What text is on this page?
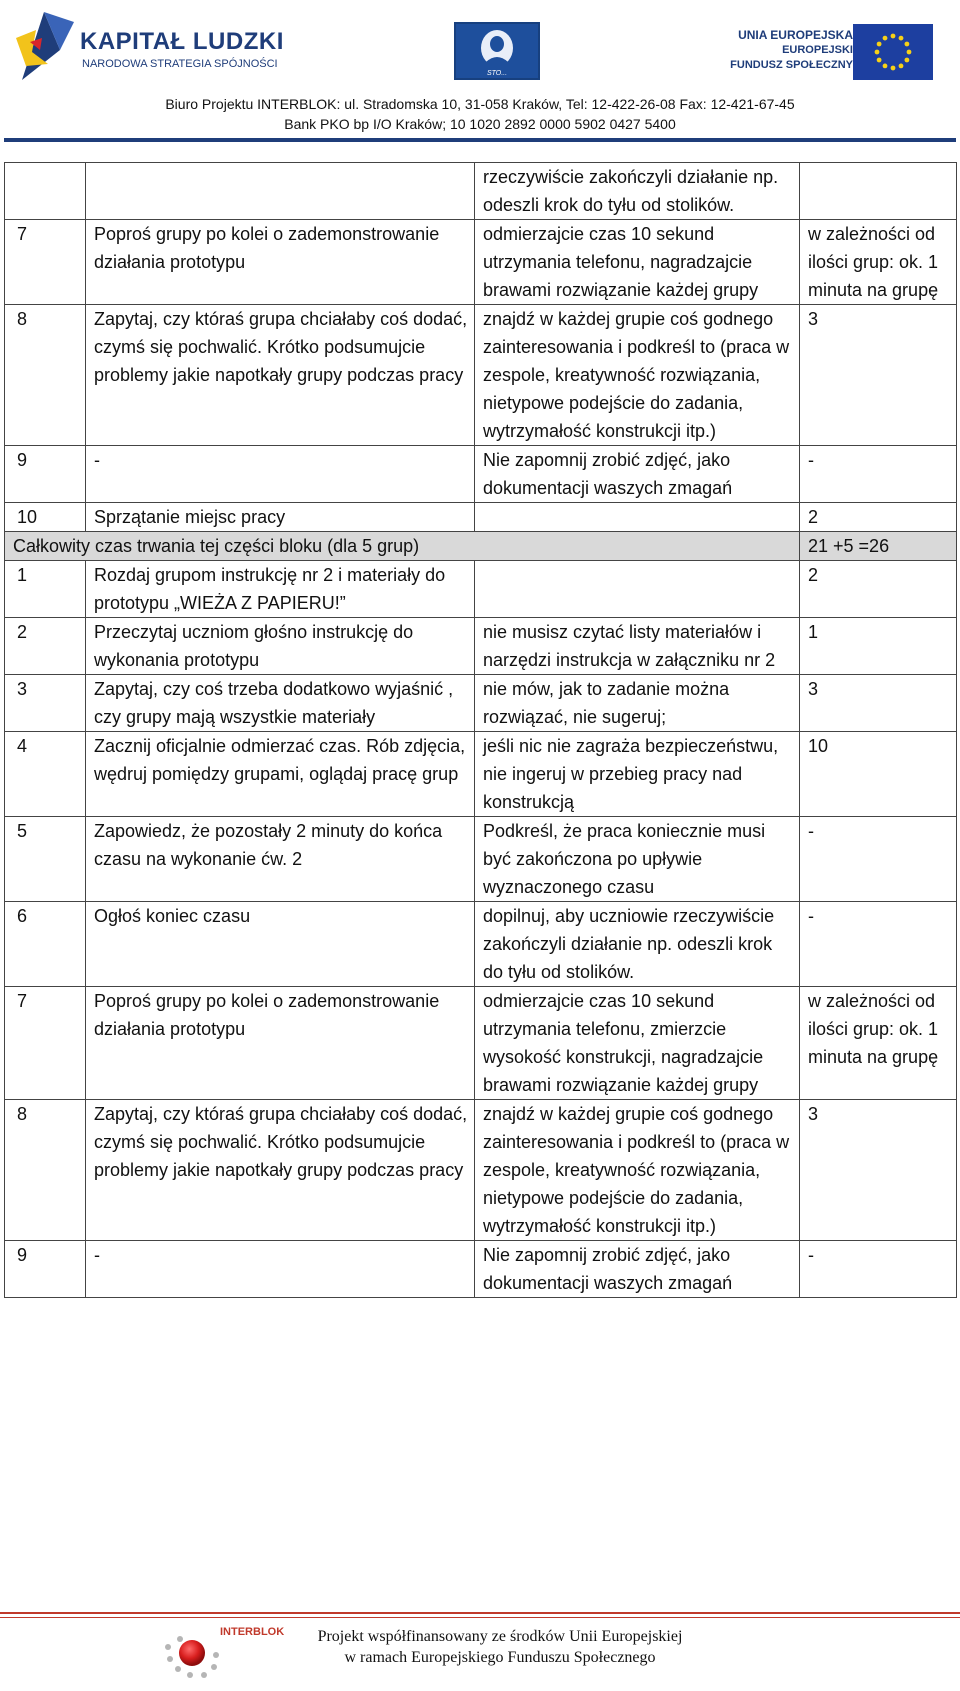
KAPITAŁ LUDZKI
NARODOWA STRATEGIA SPÓJNOŚCI
STO...
UNIA EUROPEJSKA
EUROPEJSKI
FUNDUSZ SPOŁECZNY
Biuro Projektu INTERBLOK: ul. Stradomska 10, 31-058 Kraków, Tel: 12-422-26-08 Fax: 12-421-67-45
Bank PKO bp I/O Kraków; 10 1020 2892 0000 5902 0427 5400
		rzeczywiście zakończyli działanie np. odeszli krok do tyłu od stolików.	
7	Poproś grupy po kolei o zademonstrowanie działania prototypu	odmierzajcie czas 10 sekund utrzymania telefonu, nagradzajcie brawami rozwiązanie każdej grupy	w zależności od ilości grup: ok. 1 minuta na grupę
8	Zapytaj, czy któraś grupa chciałaby coś dodać, czymś się pochwalić. Krótko podsumujcie problemy jakie napotkały grupy podczas pracy	znajdź w każdej grupie coś godnego zainteresowania i podkreśl to (praca w zespole, kreatywność rozwiązania, nietypowe podejście do zadania, wytrzymałość konstrukcji itp.)	3
9	-	Nie zapomnij zrobić zdjęć, jako dokumentacji waszych zmagań	-
10	Sprzątanie miejsc pracy		2
Całkowity czas trwania tej części bloku (dla 5 grup)			21 +5 =26
1	Rozdaj grupom instrukcję nr 2 i materiały do prototypu „WIEŻA Z PAPIERU!”		2
2	Przeczytaj uczniom głośno instrukcję do wykonania prototypu	nie musisz czytać listy materiałów i narzędzi instrukcja w załączniku nr 2	1
3	Zapytaj, czy coś trzeba dodatkowo wyjaśnić , czy grupy mają wszystkie materiały	nie mów, jak to zadanie można rozwiązać, nie sugeruj;	3
4	Zacznij oficjalnie odmierzać czas. Rób zdjęcia, wędruj pomiędzy grupami, oglądaj pracę grup	jeśli nic nie zagraża bezpieczeństwu, nie ingeruj w przebieg pracy nad konstrukcją	10
5	Zapowiedz, że pozostały 2 minuty do końca czasu na wykonanie ćw. 2	Podkreśl, że praca koniecznie musi być zakończona po upływie wyznaczonego czasu	-
6	Ogłoś koniec czasu	dopilnuj, aby uczniowie rzeczywiście zakończyli działanie np. odeszli krok do tyłu od stolików.	-
7	Poproś grupy po kolei o zademonstrowanie działania prototypu	odmierzajcie czas 10 sekund utrzymania telefonu, zmierzcie wysokość konstrukcji, nagradzajcie brawami rozwiązanie każdej grupy	w zależności od ilości grup: ok. 1 minuta na grupę
8	Zapytaj, czy któraś grupa chciałaby coś dodać, czymś się pochwalić. Krótko podsumujcie problemy jakie napotkały grupy podczas pracy	znajdź w każdej grupie coś godnego zainteresowania i podkreśl to (praca w zespole, kreatywność rozwiązania, nietypowe podejście do zadania, wytrzymałość konstrukcji itp.)	3
9	-	Nie zapomnij zrobić zdjęć, jako dokumentacji waszych zmagań	-
INTERBLOK	Projekt współfinansowany ze środków Unii Europejskiej
w ramach Europejskiego Funduszu Społecznego
